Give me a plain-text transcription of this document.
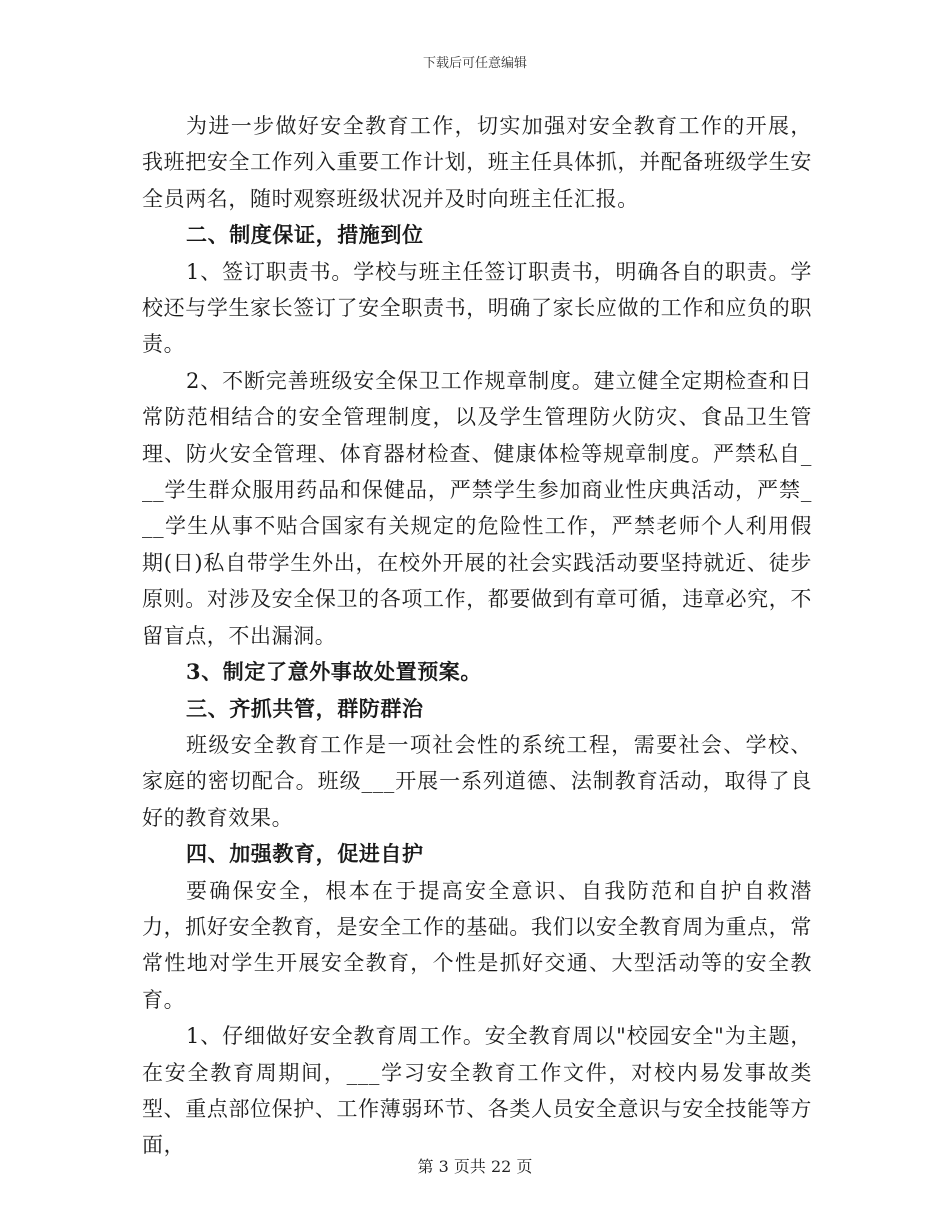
下载后可任意编辑

为进一步做好安全教育工作，切实加强对安全教育工作的开展，我班把安全工作列入重要工作计划，班主任具体抓，并配备班级学生安全员两名，随时观察班级状况并及时向班主任汇报。

二、制度保证，措施到位

1、签订职责书。学校与班主任签订职责书，明确各自的职责。学校还与学生家长签订了安全职责书，明确了家长应做的工作和应负的职责。

2、不断完善班级安全保卫工作规章制度。建立健全定期检查和日常防范相结合的安全管理制度，以及学生管理防火防灾、食品卫生管理、防火安全管理、体育器材检查、健康体检等规章制度。严禁私自___学生群众服用药品和保健品，严禁学生参加商业性庆典活动，严禁___学生从事不贴合国家有关规定的危险性工作，严禁老师个人利用假期(日)私自带学生外出，在校外开展的社会实践活动要坚持就近、徒步原则。对涉及安全保卫的各项工作，都要做到有章可循，违章必究，不留盲点，不出漏洞。

3、制定了意外事故处置预案。

三、齐抓共管，群防群治

班级安全教育工作是一项社会性的系统工程，需要社会、学校、家庭的密切配合。班级___开展一系列道德、法制教育活动，取得了良好的教育效果。

四、加强教育，促进自护

要确保安全，根本在于提高安全意识、自我防范和自护自救潜力，抓好安全教育，是安全工作的基础。我们以安全教育周为重点，常常性地对学生开展安全教育，个性是抓好交通、大型活动等的安全教育。

1、仔细做好安全教育周工作。安全教育周以"校园安全"为主题，在安全教育周期间，___学习安全教育工作文件，对校内易发事故类型、重点部位保护、工作薄弱环节、各类人员安全意识与安全技能等方面，

第 3 页共 22 页
